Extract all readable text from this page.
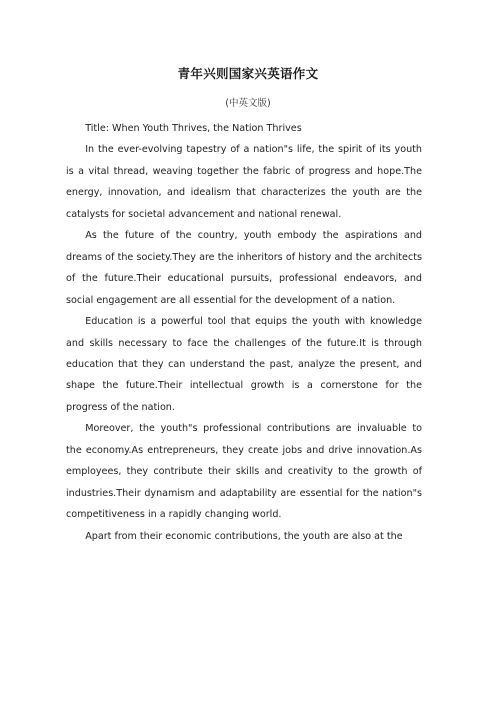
青年兴则国家兴英语作文
(中英文版)

Title: When Youth Thrives, the Nation Thrives

In the ever-evolving tapestry of a nation"s life, the spirit of its youth is a vital thread, weaving together the fabric of progress and hope.The energy, innovation, and idealism that characterizes the youth are the catalysts for societal advancement and national renewal.

As the future of the country, youth embody the aspirations and dreams of the society.They are the inheritors of history and the architects of the future.Their educational pursuits, professional endeavors, and social engagement are all essential for the development of a nation.

Education is a powerful tool that equips the youth with knowledge and skills necessary to face the challenges of the future.It is through education that they can understand the past, analyze the present, and shape the future.Their intellectual growth is a cornerstone for the progress of the nation.

Moreover, the youth"s professional contributions are invaluable to the economy.As entrepreneurs, they create jobs and drive innovation.As employees, they contribute their skills and creativity to the growth of industries.Their dynamism and adaptability are essential for the nation"s competitiveness in a rapidly changing world.

Apart from their economic contributions, the youth are also at the
